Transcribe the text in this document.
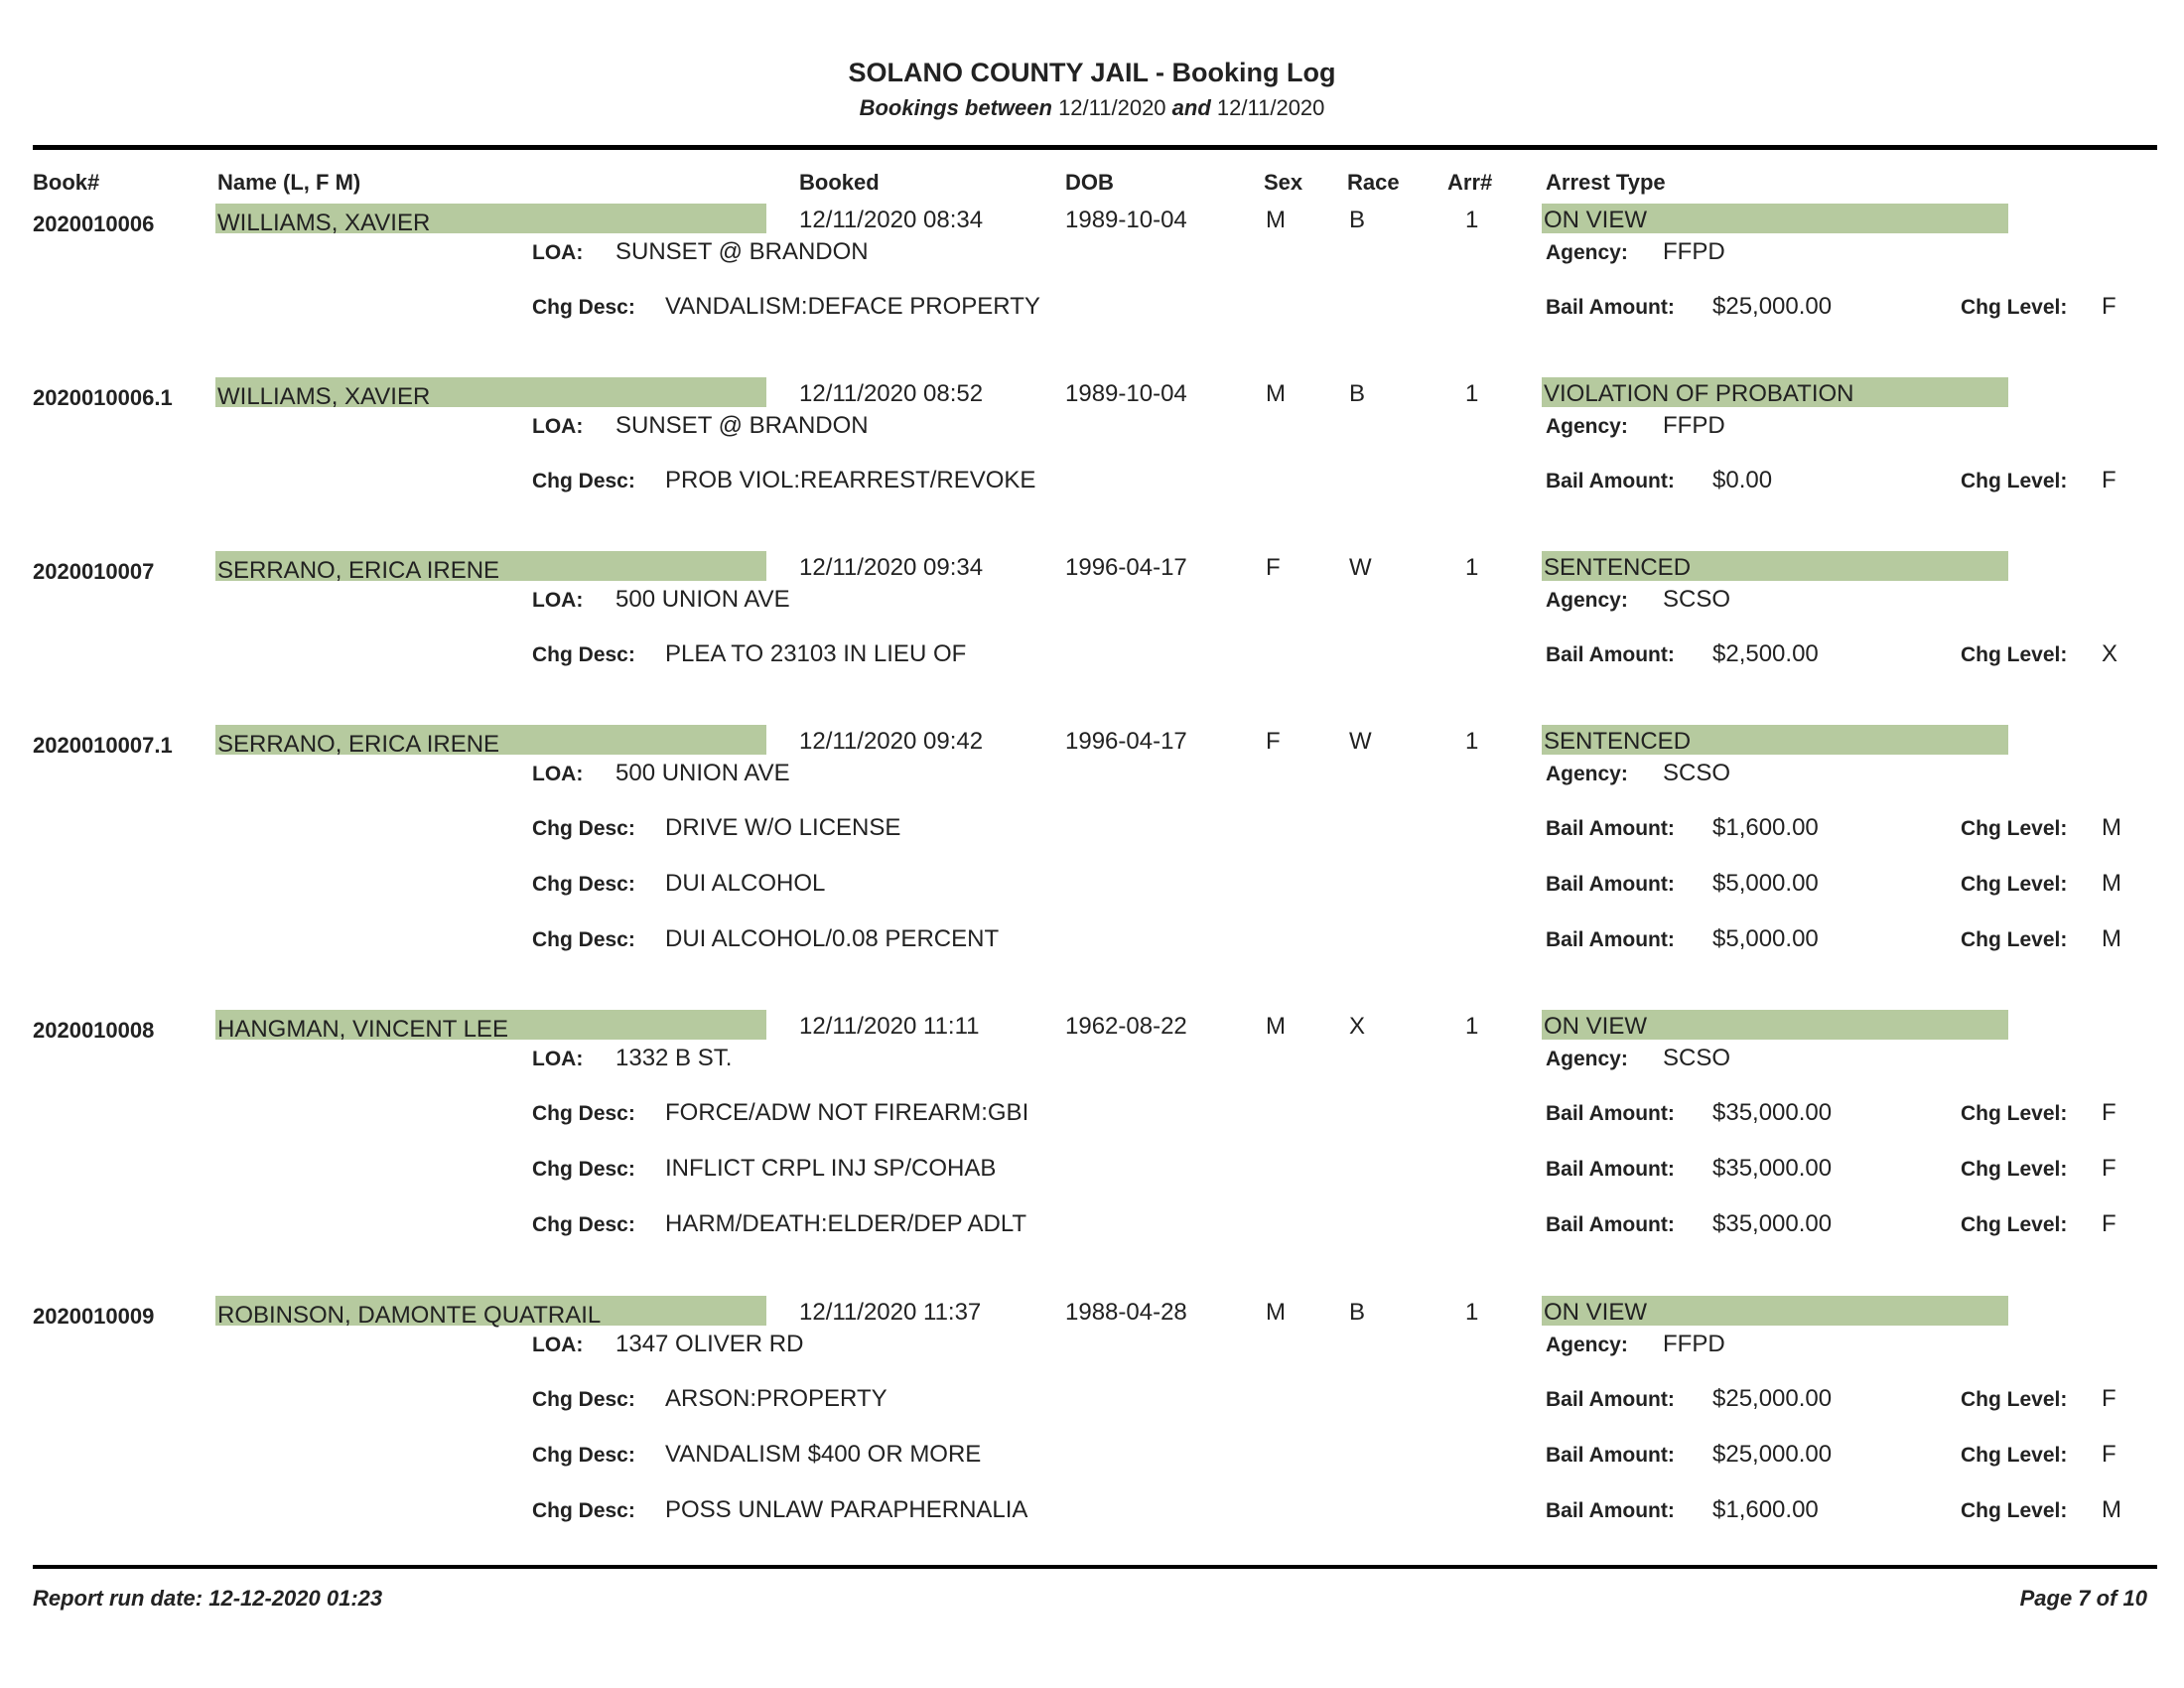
SOLANO COUNTY JAIL - Booking Log
Bookings between 12/11/2020 and 12/11/2020
Book#	Name (L, F M)	Booked	DOB	Sex Race Arr# Arrest Type
2020010006	WILLIAMS, XAVIER	12/11/2020 08:34	1989-10-04	M	B	1	ON VIEW
LOA: SUNSET @ BRANDON	Agency: FFPD
Chg Desc: VANDALISM:DEFACE PROPERTY	Bail Amount: $25,000.00	Chg Level: F
2020010006.1 WILLIAMS, XAVIER	12/11/2020 08:52	1989-10-04	M	B	1	VIOLATION OF PROBATION
LOA: SUNSET @ BRANDON	Agency: FFPD
Chg Desc: PROB VIOL:REARREST/REVOKE	Bail Amount: $0.00	Chg Level: F
2020010007	SERRANO, ERICA IRENE	12/11/2020 09:34	1996-04-17	F	W	1	SENTENCED
LOA: 500 UNION AVE	Agency: SCSO
Chg Desc: PLEA TO 23103 IN LIEU OF	Bail Amount: $2,500.00	Chg Level: X
2020010007.1 SERRANO, ERICA IRENE	12/11/2020 09:42	1996-04-17	F	W	1	SENTENCED
LOA: 500 UNION AVE	Agency: SCSO
Chg Desc: DRIVE W/O LICENSE	Bail Amount: $1,600.00	Chg Level: M
Chg Desc: DUI ALCOHOL	Bail Amount: $5,000.00	Chg Level: M
Chg Desc: DUI ALCOHOL/0.08 PERCENT	Bail Amount: $5,000.00	Chg Level: M
2020010008	HANGMAN, VINCENT LEE	12/11/2020 11:11	1962-08-22	M	X	1	ON VIEW
LOA: 1332 B ST.	Agency: SCSO
Chg Desc: FORCE/ADW NOT FIREARM:GBI	Bail Amount: $35,000.00	Chg Level: F
Chg Desc: INFLICT CRPL INJ SP/COHAB	Bail Amount: $35,000.00	Chg Level: F
Chg Desc: HARM/DEATH:ELDER/DEP ADLT	Bail Amount: $35,000.00	Chg Level: F
2020010009	ROBINSON, DAMONTE QUATRAIL	12/11/2020 11:37	1988-04-28	M	B	1	ON VIEW
LOA: 1347 OLIVER RD	Agency: FFPD
Chg Desc: ARSON:PROPERTY	Bail Amount: $25,000.00	Chg Level: F
Chg Desc: VANDALISM $400 OR MORE	Bail Amount: $25,000.00	Chg Level: F
Chg Desc: POSS UNLAW PARAPHERNALIA	Bail Amount: $1,600.00	Chg Level: M
Report run date: 12-12-2020 01:23	Page 7 of 10
